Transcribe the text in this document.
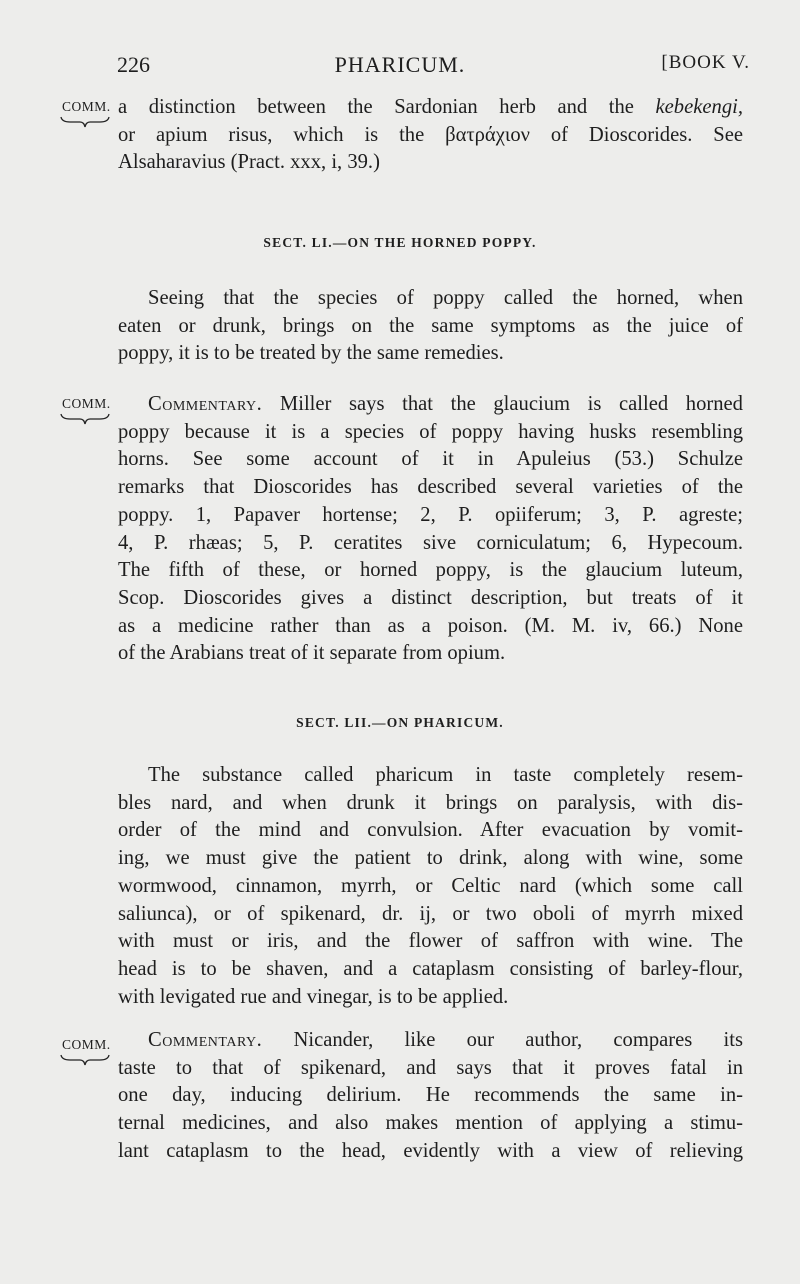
226	PHARICUM.	[BOOK V.
COMM. a distinction between the Sardonian herb and the kebekengi,
or apium risus, which is the βατράχιον of Dioscorides. See
Alsaharavius (Pract. xxx, i, 39.)
SECT. LI.—ON THE HORNED POPPY.
Seeing that the species of poppy called the horned, when
eaten or drunk, brings on the same symptoms as the juice of
poppy, it is to be treated by the same remedies.
COMM.	Commentary. Miller says that the glaucium is called horned
poppy because it is a species of poppy having husks resembling
horns. See some account of it in Apuleius (53.) Schulze
remarks that Dioscorides has described several varieties of the
poppy. 1, Papaver hortense; 2, P. opiiferum; 3, P. agreste;
4, P. rhæas; 5, P. ceratites sive corniculatum; 6, Hypecoum.
The fifth of these, or horned poppy, is the glaucium luteum,
Scop. Dioscorides gives a distinct description, but treats of it
as a medicine rather than as a poison. (M. M. iv, 66.) None
of the Arabians treat of it separate from opium.
SECT. LII.—ON PHARICUM.
The substance called pharicum in taste completely resem-
bles nard, and when drunk it brings on paralysis, with dis-
order of the mind and convulsion. After evacuation by vomit-
ing, we must give the patient to drink, along with wine, some
wormwood, cinnamon, myrrh, or Celtic nard (which some call
saliunca), or of spikenard, dr. ij, or two oboli of myrrh mixed
with must or iris, and the flower of saffron with wine. The
head is to be shaven, and a cataplasm consisting of barley-flour,
with levigated rue and vinegar, is to be applied.
COMM.	Commentary. Nicander, like our author, compares its
taste to that of spikenard, and says that it proves fatal in
one day, inducing delirium. He recommends the same in-
ternal medicines, and also makes mention of applying a stimu-
lant cataplasm to the head, evidently with a view of relieving
